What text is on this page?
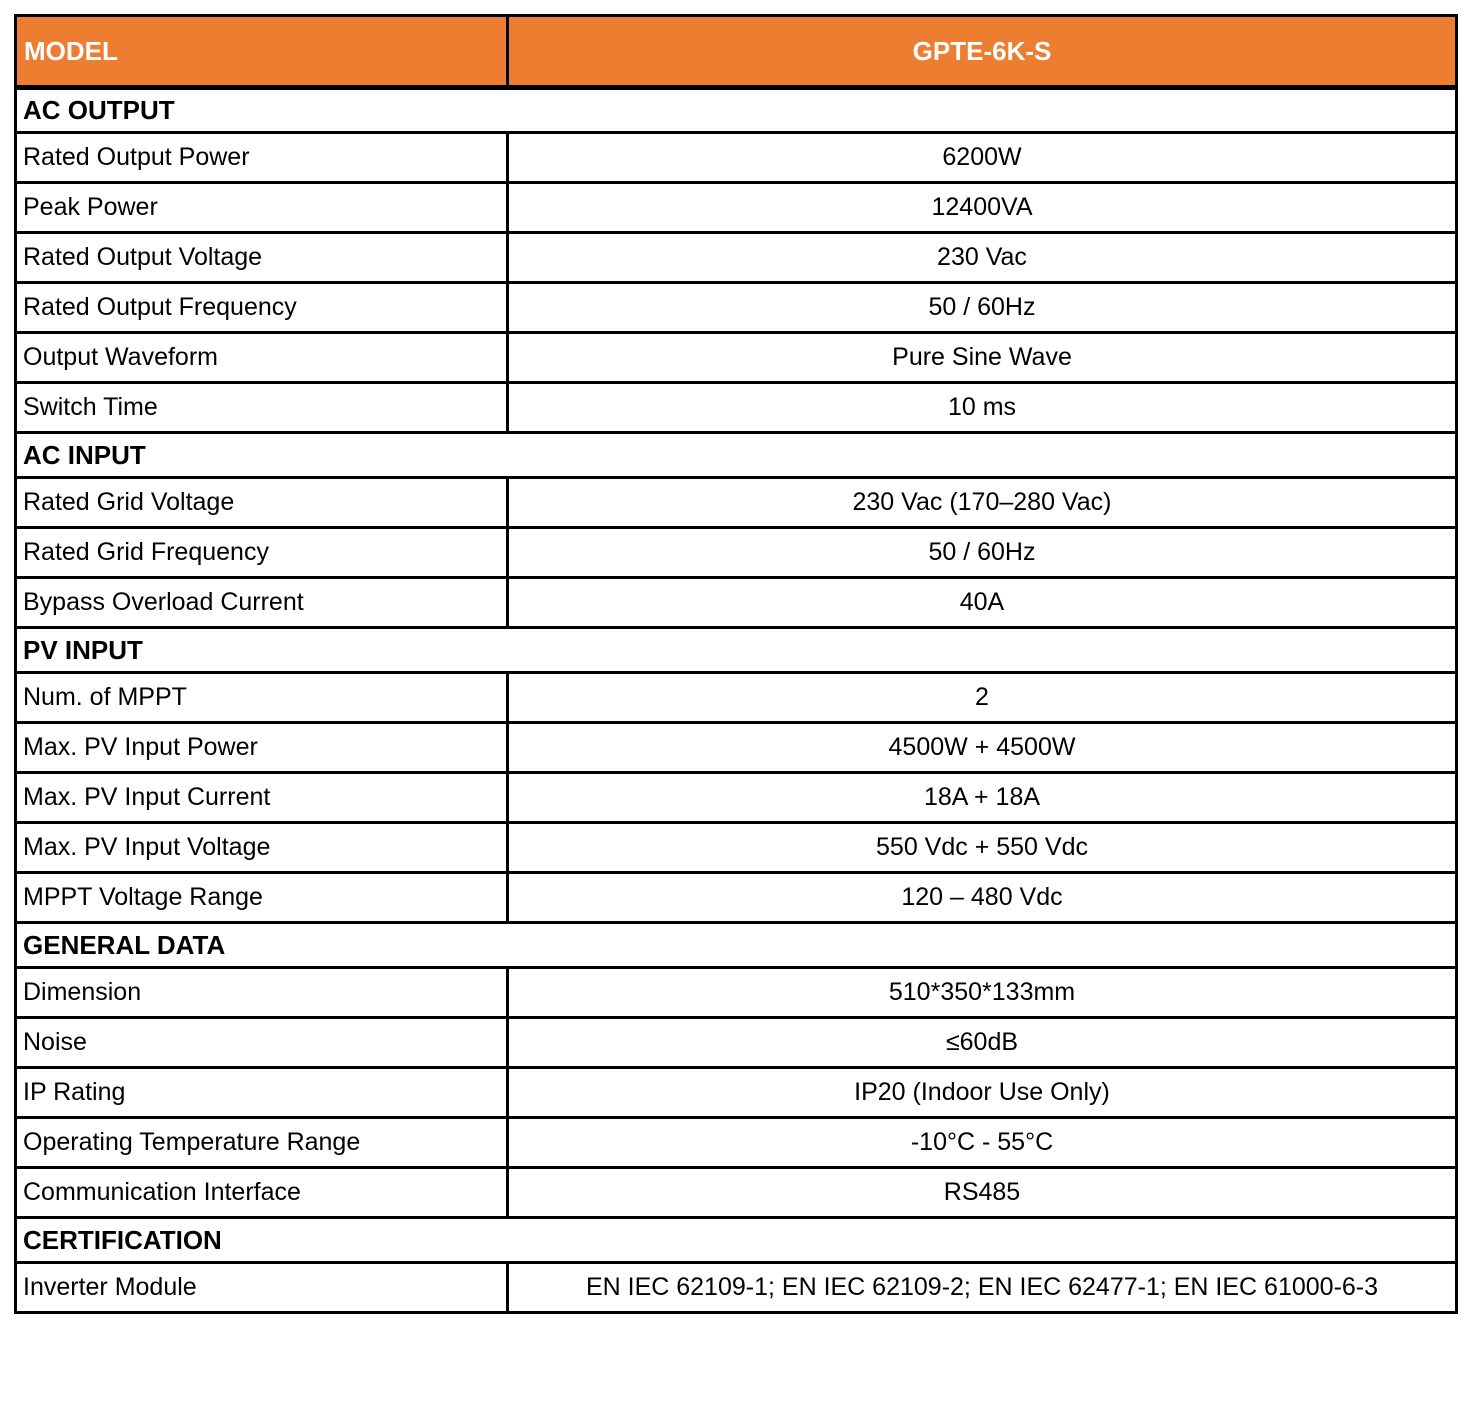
MODEL	GPTE-6K-S
AC OUTPUT	
Rated Output Power	6200W
Peak Power	12400VA
Rated Output Voltage	230 Vac
Rated Output Frequency	50 / 60Hz
Output Waveform	Pure Sine Wave
Switch Time	10 ms
AC INPUT	
Rated Grid Voltage	230 Vac (170–280 Vac)
Rated Grid Frequency	50 / 60Hz
Bypass Overload Current	40A
PV INPUT	
Num. of MPPT	2
Max. PV Input Power	4500W + 4500W
Max. PV Input Current	18A + 18A
Max. PV Input Voltage	550 Vdc + 550 Vdc
MPPT Voltage Range	120 – 480 Vdc
GENERAL DATA	
Dimension	510*350*133mm
Noise	≤60dB
IP Rating	IP20 (Indoor Use Only)
Operating Temperature Range	-10°C - 55°C
Communication Interface	RS485
CERTIFICATION	
Inverter Module	EN IEC 62109-1; EN IEC 62109-2; EN IEC 62477-1; EN IEC 61000-6-3
